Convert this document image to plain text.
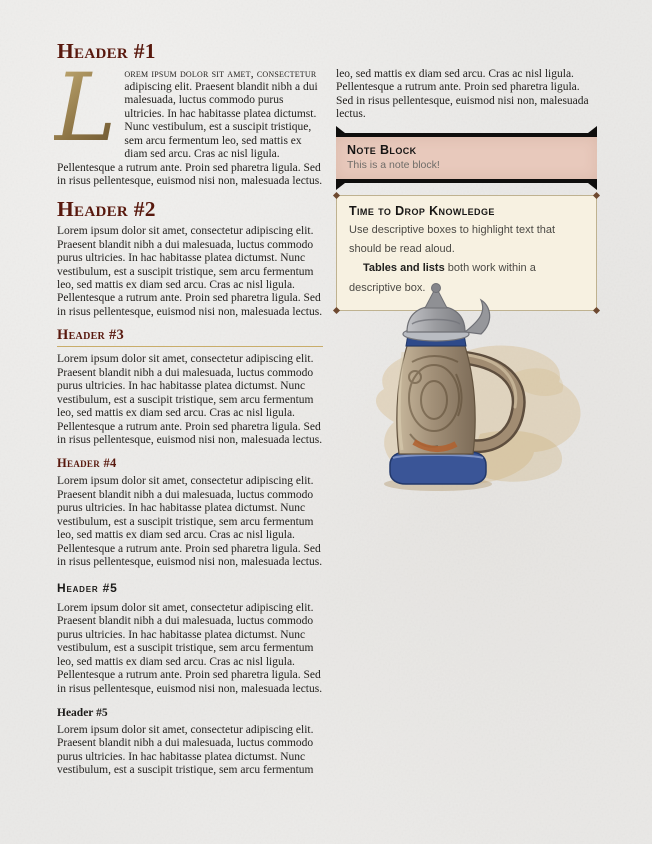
Header #1

L orem ipsum dolor sit amet, consectetur adipiscing elit. Praesent blandit nibh a dui malesuada, luctus commodo purus ultricies. In hac habitasse platea dictumst. Nunc vestibulum, est a suscipit tristique, sem arcu fermentum leo, sed mattis ex diam sed arcu. Cras ac nisl ligula. Pellentesque a rutrum ante. Proin sed pharetra ligula. Sed in risus pellentesque, euismod nisi non, malesuada lectus.

Header #2

Lorem ipsum dolor sit amet, consectetur adipiscing elit. Praesent blandit nibh a dui malesuada, luctus commodo purus ultricies. In hac habitasse platea dictumst. Nunc vestibulum, est a suscipit tristique, sem arcu fermentum leo, sed mattis ex diam sed arcu. Cras ac nisl ligula. Pellentesque a rutrum ante. Proin sed pharetra ligula. Sed in risus pellentesque, euismod nisi non, malesuada lectus.

Header #3

Lorem ipsum dolor sit amet, consectetur adipiscing elit. Praesent blandit nibh a dui malesuada, luctus commodo purus ultricies. In hac habitasse platea dictumst. Nunc vestibulum, est a suscipit tristique, sem arcu fermentum leo, sed mattis ex diam sed arcu. Cras ac nisl ligula. Pellentesque a rutrum ante. Proin sed pharetra ligula. Sed in risus pellentesque, euismod nisi non, malesuada lectus.

Header #4

Lorem ipsum dolor sit amet, consectetur adipiscing elit. Praesent blandit nibh a dui malesuada, luctus commodo purus ultricies. In hac habitasse platea dictumst. Nunc vestibulum, est a suscipit tristique, sem arcu fermentum leo, sed mattis ex diam sed arcu. Cras ac nisl ligula. Pellentesque a rutrum ante. Proin sed pharetra ligula. Sed in risus pellentesque, euismod nisi non, malesuada lectus.

Header #5

Lorem ipsum dolor sit amet, consectetur adipiscing elit. Praesent blandit nibh a dui malesuada, luctus commodo purus ultricies. In hac habitasse platea dictumst. Nunc vestibulum, est a suscipit tristique, sem arcu fermentum leo, sed mattis ex diam sed arcu. Cras ac nisl ligula. Pellentesque a rutrum ante. Proin sed pharetra ligula. Sed in risus pellentesque, euismod nisi non, malesuada lectus.

Header #5

Lorem ipsum dolor sit amet, consectetur adipiscing elit. Praesent blandit nibh a dui malesuada, luctus commodo purus ultricies. In hac habitasse platea dictumst. Nunc vestibulum, est a suscipit tristique, sem arcu fermentum

leo, sed mattis ex diam sed arcu. Cras ac nisl ligula. Pellentesque a rutrum ante. Proin sed pharetra ligula. Sed in risus pellentesque, euismod nisi non, malesuada lectus.

Note Block
This is a note block!
Time to Drop Knowledge
Use descriptive boxes to highlight text that should be read aloud.
Tables and lists both work within a descriptive box.
